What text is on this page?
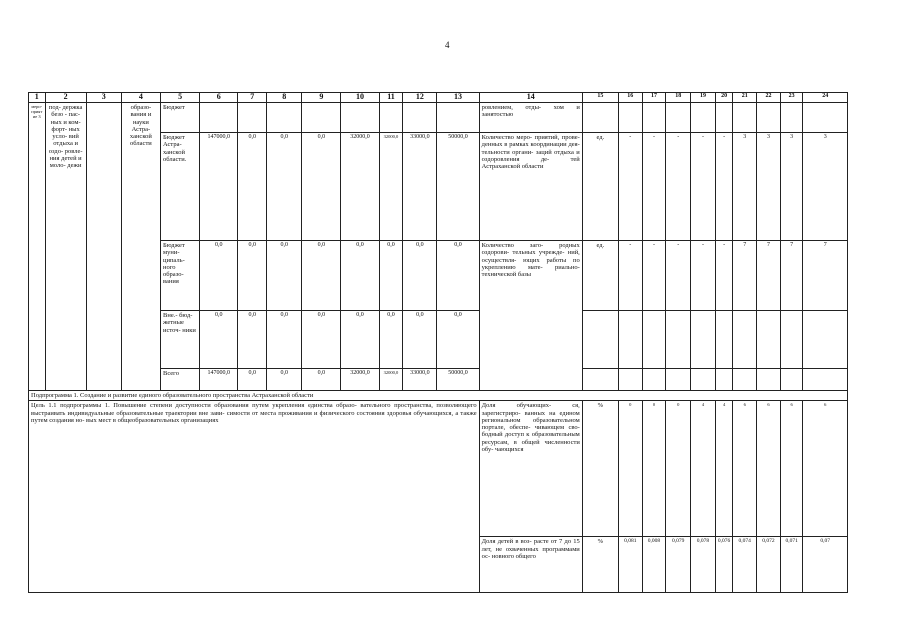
4
1	2	3	4	5	6	7	8	9	10	11	12	13	14	15	16	17	18	19	20	21	22	23	24
меро- приятие 3	под- держка безо - пас- ных и ком- форт- ных усло- вий отдыха и оздо- ровле- ния детей и моло- дежи		образо- вания и науки Астра- ханской области	Бюджет									ровлением, отды- хом и занятостью										
				Бюджет Астра- ханской области.	147000,0	0,0	0,0	0,0	32000,0	32000,0	33000,0	50000,0	Количество меро- приятий, прове- денных в рамках координации дея- тельности органи- заций отдыха и оздоровления де- тей Астраханской области	ед.	-	-	-	-	-	3	3	3	3
				Бюджет муни- ципаль- ного образо- вания	0,0	0,0	0,0	0,0	0,0	0,0	0,0	0,0	Количество заго- родных оздорови- тельных учрежде- ний, осуществля- ющих работы по укреплению мате- риально- технической базы	ед.	-	-	-	-	-	7	7	7	7
				Вне.- бюд- жетные источ- ники	0,0	0,0	0,0	0,0	0,0	0,0	0,0	0,0											
				Всего	147000,0	0,0	0,0	0,0	32000,0	32000,0	33000,0	50000,0											
Подпрограмма 1. Создание и развитие единого образовательного пространства Астраханской области																							
Цель 1.1 подпрограммы 1. Повышение степени доступности образования путем укрепления единства образо- вательного пространства, позволяющего выстраивать индивидуальные образовательные траектории вне зави- симости от места проживания и физического состояния здоровья обучающихся, а также путем создания но- вых мест в общеобразовательных организациях													Доля обучающих- ся, зарегистриро- ванных на едином региональном образовательном портале, обеспе- чивающем сво- бодный доступ к образовательным ресурсам, в общей численности обу- чающихся	%	0	0	0	4	4	6	6	6	6
													Доля детей в воз- расте от 7 до 15 лет, не охваченных программами ос- новного общего	%	0,081	0,008	0,079	0,078	0,076	0,074	0,072	0,071	0,07
